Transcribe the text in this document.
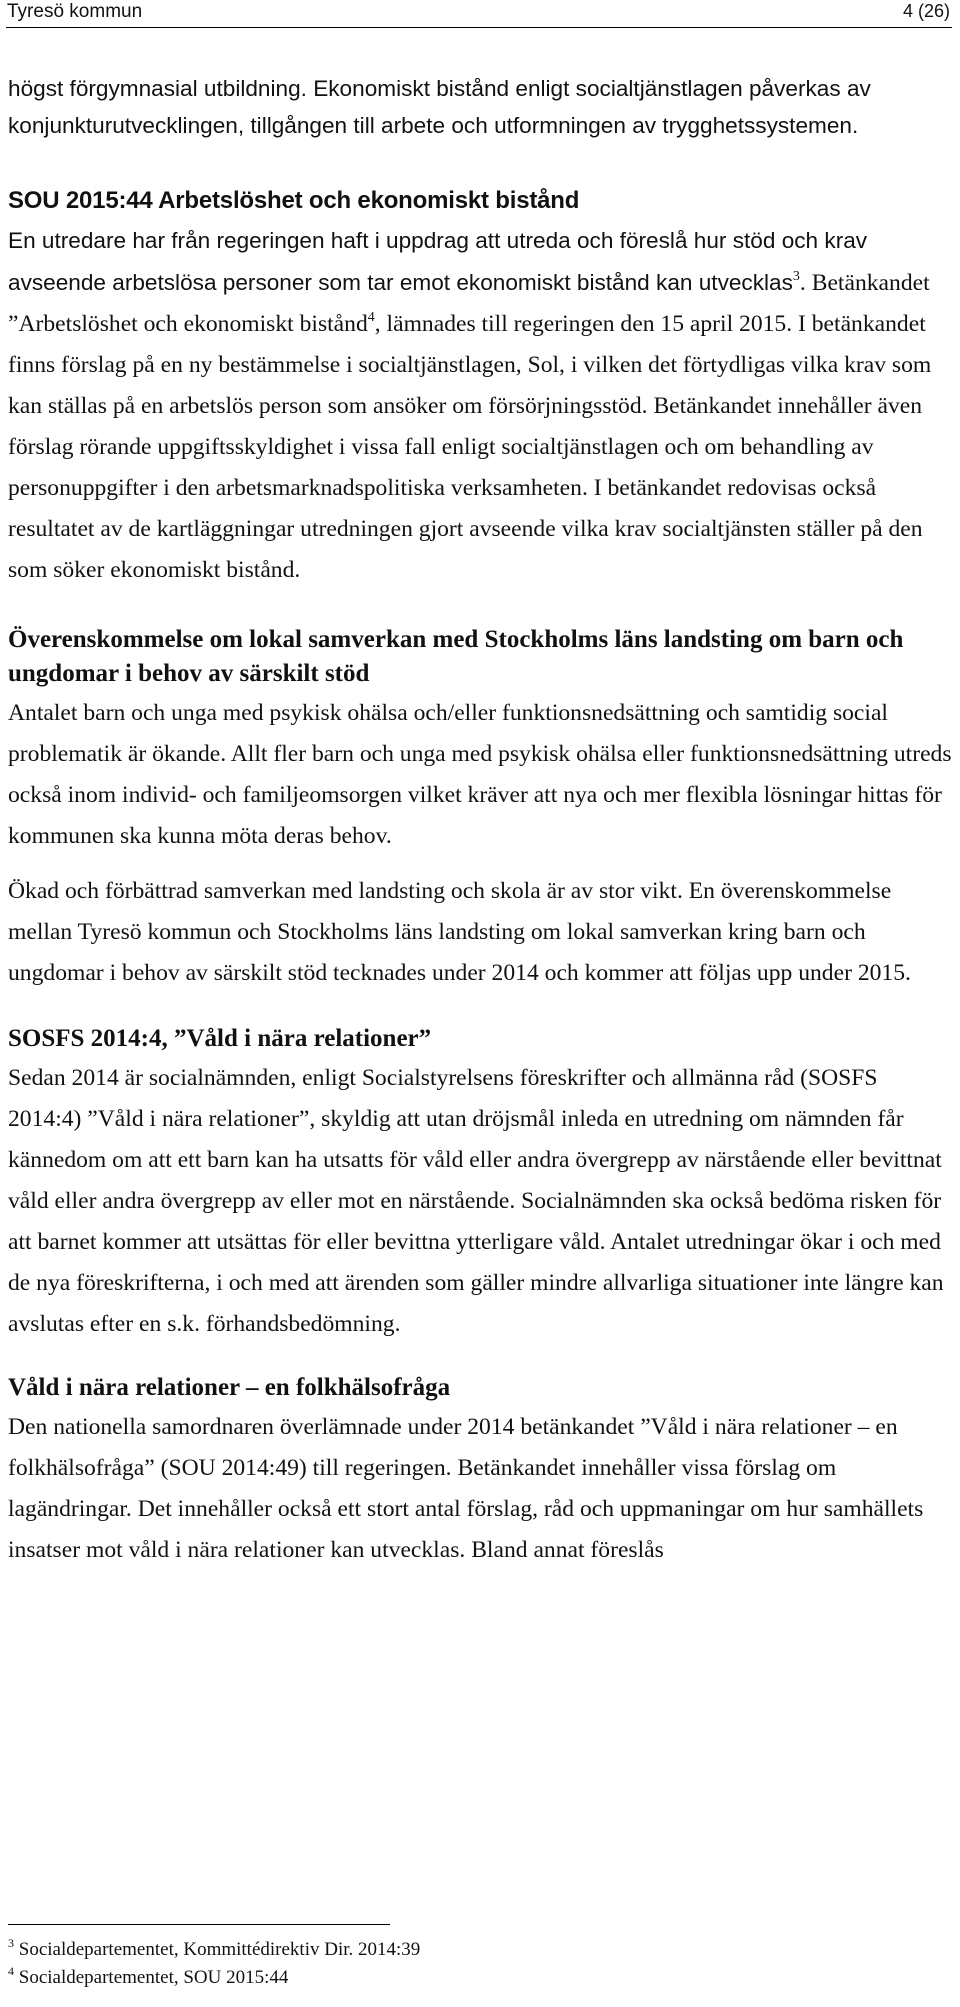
Tyresö kommun	4 (26)

högst förgymnasial utbildning. Ekonomiskt bistånd enligt socialtjänstlagen påverkas av konjunkturutvecklingen, tillgången till arbete och utformningen av trygghetssystemen.

SOU 2015:44 Arbetslöshet och ekonomiskt bistånd

En utredare har från regeringen haft i uppdrag att utreda och föreslå hur stöd och krav avseende arbetslösa personer som tar emot ekonomiskt bistånd kan utvecklas$^3$. Betänkandet ”Arbetslöshet och ekonomiskt bistånd$^4$, lämnades till regeringen den 15 april 2015. I betänkandet finns förslag på en ny bestämmelse i socialtjänstlagen, Sol, i vilken det förtydligas vilka krav som kan ställas på en arbetslös person som ansöker om försörjningsstöd. Betänkandet innehåller även förslag rörande uppgiftsskyldighet i vissa fall enligt socialtjänstlagen och om behandling av personuppgifter i den arbetsmarknadspolitiska verksamheten. I betänkandet redovisas också resultatet av de kartläggningar utredningen gjort avseende vilka krav socialtjänsten ställer på den som söker ekonomiskt bistånd.

Överenskommelse om lokal samverkan med Stockholms läns landsting om barn och ungdomar i behov av särskilt stöd

Antalet barn och unga med psykisk ohälsa och/eller funktionsnedsättning och samtidig social problematik är ökande. Allt fler barn och unga med psykisk ohälsa eller funktionsnedsättning utreds också inom individ- och familjeomsorgen vilket kräver att nya och mer flexibla lösningar hittas för kommunen ska kunna möta deras behov.

Ökad och förbättrad samverkan med landsting och skola är av stor vikt. En överenskommelse mellan Tyresö kommun och Stockholms läns landsting om lokal samverkan kring barn och ungdomar i behov av särskilt stöd tecknades under 2014 och kommer att följas upp under 2015.

SOSFS 2014:4, ”Våld i nära relationer”

Sedan 2014 är socialnämnden, enligt Socialstyrelsens föreskrifter och allmänna råd (SOSFS 2014:4) ”Våld i nära relationer”, skyldig att utan dröjsmål inleda en utredning om nämnden får kännedom om att ett barn kan ha utsatts för våld eller andra övergrepp av närstående eller bevittnat våld eller andra övergrepp av eller mot en närstående. Socialnämnden ska också bedöma risken för att barnet kommer att utsättas för eller bevittna ytterligare våld. Antalet utredningar ökar i och med de nya föreskrifterna, i och med att ärenden som gäller mindre allvarliga situationer inte längre kan avslutas efter en s.k. förhandsbedömning.

Våld i nära relationer – en folkhälsofråga

Den nationella samordnaren överlämnade under 2014 betänkandet ”Våld i nära relationer – en folkhälsofråga” (SOU 2014:49) till regeringen. Betänkandet innehåller vissa förslag om lagändringar. Det innehåller också ett stort antal förslag, råd och uppmaningar om hur samhällets insatser mot våld i nära relationer kan utvecklas. Bland annat föreslås

$^3$ Socialdepartementet, Kommittédirektiv Dir. 2014:39
$^4$ Socialdepartementet, SOU 2015:44
